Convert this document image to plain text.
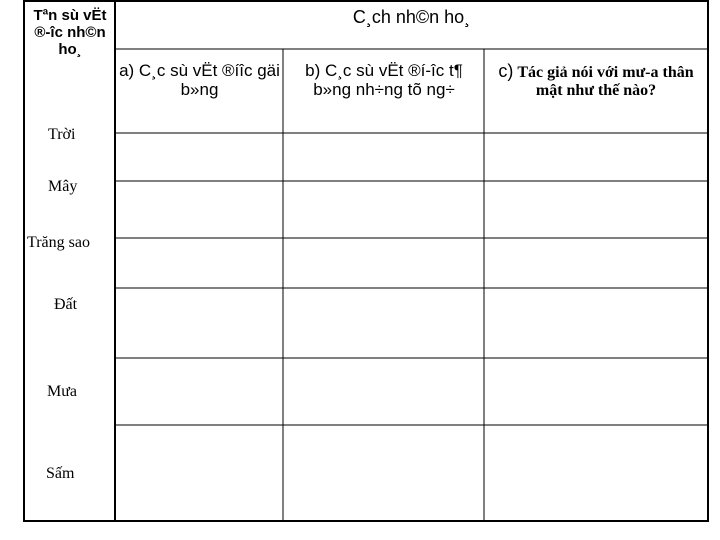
Tªn sù vËt ®-îc nh©n ho¸
C¸ch nh©n ho¸
a) C¸c sù vËt ®íîc gäi b»ng
b) C¸c sù vËt ®í-îc t¶ b»ng nh÷ng tõ ng÷
c) Tác giả nói với mư-a thân mật như thế nào?
Trời
Mây
Trăng sao
Đất
Mưa
Sấm
